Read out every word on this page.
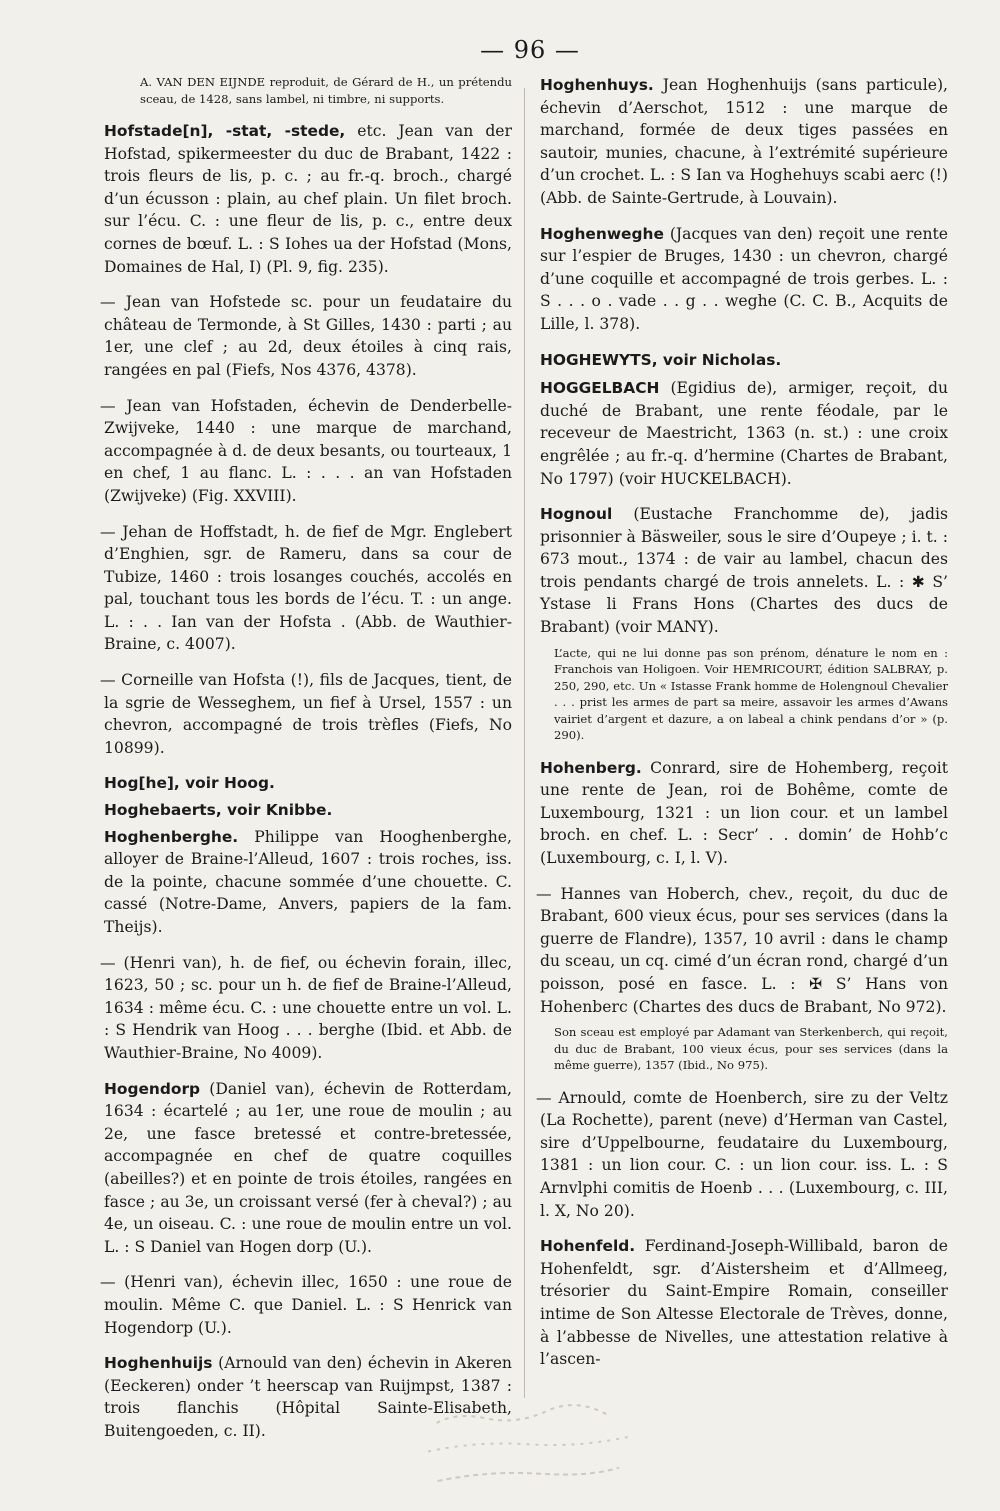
— 96 —

A. VAN DEN EIJNDE reproduit, de Gérard de H., un prétendu sceau, de 1428, sans lambel, ni timbre, ni supports.

Hofstade[n], -stat, -stede, etc. Jean van der Hofstad, spikermeester du duc de Brabant, 1422 : trois fleurs de lis, p. c. ; au fr.-q. broch., chargé d’un écusson : plain, au chef plain. Un filet broch. sur l’écu. C. : une fleur de lis, p. c., entre deux cornes de bœuf. L. : S Iohes ua der Hofstad (Mons, Domaines de Hal, I) (Pl. 9, fig. 235).

— Jean van Hofstede sc. pour un feudataire du château de Termonde, à St Gilles, 1430 : parti ; au 1er, une clef ; au 2d, deux étoiles à cinq rais, rangées en pal (Fiefs, Nos 4376, 4378).

— Jean van Hofstaden, échevin de Denderbelle-Zwijveke, 1440 : une marque de marchand, accompagnée à d. de deux besants, ou tourteaux, 1 en chef, 1 au flanc. L. : . . . an van Hofstaden (Zwijveke) (Fig. XXVIII).

— Jehan de Hoffstadt, h. de fief de Mgr. Englebert d’Enghien, sgr. de Rameru, dans sa cour de Tubize, 1460 : trois losanges couchés, accolés en pal, touchant tous les bords de l’écu. T. : un ange. L. : . . Ian van der Hofsta . (Abb. de Wauthier-Braine, c. 4007).

— Corneille van Hofsta (!), fils de Jacques, tient, de la sgrie de Wesseghem, un fief à Ursel, 1557 : un chevron, accompagné de trois trèfles (Fiefs, No 10899).

Hog[he], voir Hoog.

Hoghebaerts, voir Knibbe.

Hoghenberghe. Philippe van Hooghenberghe, alloyer de Braine-l’Alleud, 1607 : trois roches, iss. de la pointe, chacune sommée d’une chouette. C. cassé (Notre-Dame, Anvers, papiers de la fam. Theijs).

— (Henri van), h. de fief, ou échevin forain, illec, 1623, 50 ; sc. pour un h. de fief de Braine-l’Alleud, 1634 : même écu. C. : une chouette entre un vol. L. : S Hendrik van Hoog . . . berghe (Ibid. et Abb. de Wauthier-Braine, No 4009).

Hogendorp (Daniel van), échevin de Rotterdam, 1634 : écartelé ; au 1er, une roue de moulin ; au 2e, une fasce bretessé et contre-bretessée, accompagnée en chef de quatre coquilles (abeilles?) et en pointe de trois étoiles, rangées en fasce ; au 3e, un croissant versé (fer à cheval?) ; au 4e, un oiseau. C. : une roue de moulin entre un vol. L. : S Daniel van Hogen dorp (U.).

— (Henri van), échevin illec, 1650 : une roue de moulin. Même C. que Daniel. L. : S Henrick van Hogendorp (U.).

Hoghenhuijs (Arnould van den) échevin in Akeren (Eeckeren) onder ’t heerscap van Ruijmpst, 1387 : trois flanchis (Hôpital Sainte-Elisabeth, Buitengoeden, c. II).

Hoghenhuys. Jean Hoghenhuijs (sans particule), échevin d’Aerschot, 1512 : une marque de marchand, formée de deux tiges passées en sautoir, munies, chacune, à l’extrémité supérieure d’un crochet. L. : S Ian va Hoghehuys scabi aerc (!) (Abb. de Sainte-Gertrude, à Louvain).

Hoghenweghe (Jacques van den) reçoit une rente sur l’espier de Bruges, 1430 : un chevron, chargé d’une coquille et accompagné de trois gerbes. L. : S . . . o . vade . . g . . weghe (C. C. B., Acquits de Lille, l. 378).

HOGHEWYTS, voir Nicholas.

HOGGELBACH (Egidius de), armiger, reçoit, du duché de Brabant, une rente féodale, par le receveur de Maestricht, 1363 (n. st.) : une croix engrêlée ; au fr.-q. d’hermine (Chartes de Brabant, No 1797) (voir HUCKELBACH).

Hognoul (Eustache Franchomme de), jadis prisonnier à Bäsweiler, sous le sire d’Oupeye ; i. t. : 673 mout., 1374 : de vair au lambel, chacun des trois pendants chargé de trois annelets. L. : ✱ S’ Ystase li Frans Hons (Chartes des ducs de Brabant) (voir MANY).

L’acte, qui ne lui donne pas son prénom, dénature le nom en : Franchois van Holigoen. Voir HEMRICOURT, édition SALBRAY, p. 250, 290, etc. Un « Istasse Frank homme de Holengnoul Chevalier . . . prist les armes de part sa meire, assavoir les armes d’Awans vairiet d’argent et dazure, a on labeal a chink pendans d’or » (p. 290).

Hohenberg. Conrard, sire de Hohemberg, reçoit une rente de Jean, roi de Bohême, comte de Luxembourg, 1321 : un lion cour. et un lambel broch. en chef. L. : Secr’ . . domin’ de Hohb’c (Luxembourg, c. I, l. V).

— Hannes van Hoberch, chev., reçoit, du duc de Brabant, 600 vieux écus, pour ses services (dans la guerre de Flandre), 1357, 10 avril : dans le champ du sceau, un cq. cimé d’un écran rond, chargé d’un poisson, posé en fasce. L. : ✠ S’ Hans von Hohenberc (Chartes des ducs de Brabant, No 972).

Son sceau est employé par Adamant van Sterkenberch, qui reçoit, du duc de Brabant, 100 vieux écus, pour ses services (dans la même guerre), 1357 (Ibid., No 975).

— Arnould, comte de Hoenberch, sire zu der Veltz (La Rochette), parent (neve) d’Herman van Castel, sire d’Uppelbourne, feudataire du Luxembourg, 1381 : un lion cour. C. : un lion cour. iss. L. : S Arnvlphi comitis de Hoenb . . . (Luxembourg, c. III, l. X, No 20).

Hohenfeld. Ferdinand-Joseph-Willibald, baron de Hohenfeldt, sgr. d’Aistersheim et d’Allmeeg, trésorier du Saint-Empire Romain, conseiller intime de Son Altesse Electorale de Trèves, donne, à l’abbesse de Nivelles, une attestation relative à l’ascen-
